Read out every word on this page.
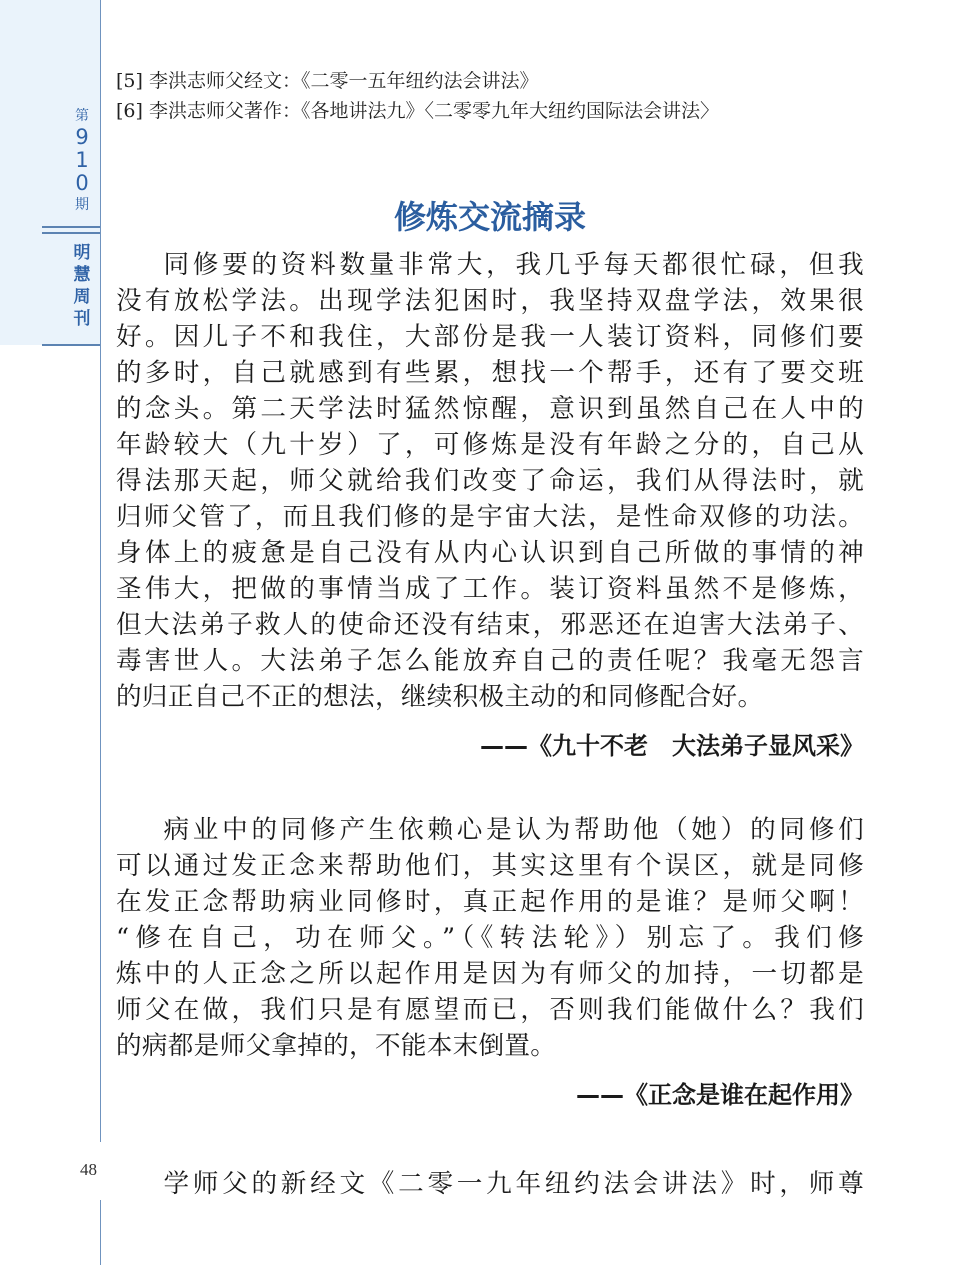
第
9
1
0
期
明
慧
周
刊
48
[5] 李洪志师父经文：《二零一五年纽约法会讲法》
[6] 李洪志师父著作：《各地讲法九》〈二零零九年大纽约国际法会讲法〉
修炼交流摘录
同修要的资料数量非常大，我几乎每天都很忙碌，但我
没有放松学法。出现学法犯困时，我坚持双盘学法，效果很
好。因儿子不和我住，大部份是我一人装订资料，同修们要
的多时，自己就感到有些累，想找一个帮手，还有了要交班
的念头。第二天学法时猛然惊醒，意识到虽然自己在人中的
年龄较大（九十岁）了，可修炼是没有年龄之分的，自己从
得法那天起，师父就给我们改变了命运，我们从得法时，就
归师父管了，而且我们修的是宇宙大法，是性命双修的功法。
身体上的疲惫是自己没有从内心认识到自己所做的事情的神
圣伟大，把做的事情当成了工作。装订资料虽然不是修炼，
但大法弟子救人的使命还没有结束，邪恶还在迫害大法弟子、
毒害世人。大法弟子怎么能放弃自己的责任呢？我毫无怨言
的归正自己不正的想法，继续积极主动的和同修配合好。
——《九十不老　大法弟子显风采》
病业中的同修产生依赖心是认为帮助他（她）的同修们
可以通过发正念来帮助他们，其实这里有个误区，就是同修
在发正念帮助病业同修时，真正起作用的是谁？是师父啊！
“修在自己，功在师父。”（《转法轮》）别忘了。我们修
炼中的人正念之所以起作用是因为有师父的加持，一切都是
师父在做，我们只是有愿望而已，否则我们能做什么？我们
的病都是师父拿掉的，不能本末倒置。
——《正念是谁在起作用》
学师父的新经文《二零一九年纽约法会讲法》时，师尊
